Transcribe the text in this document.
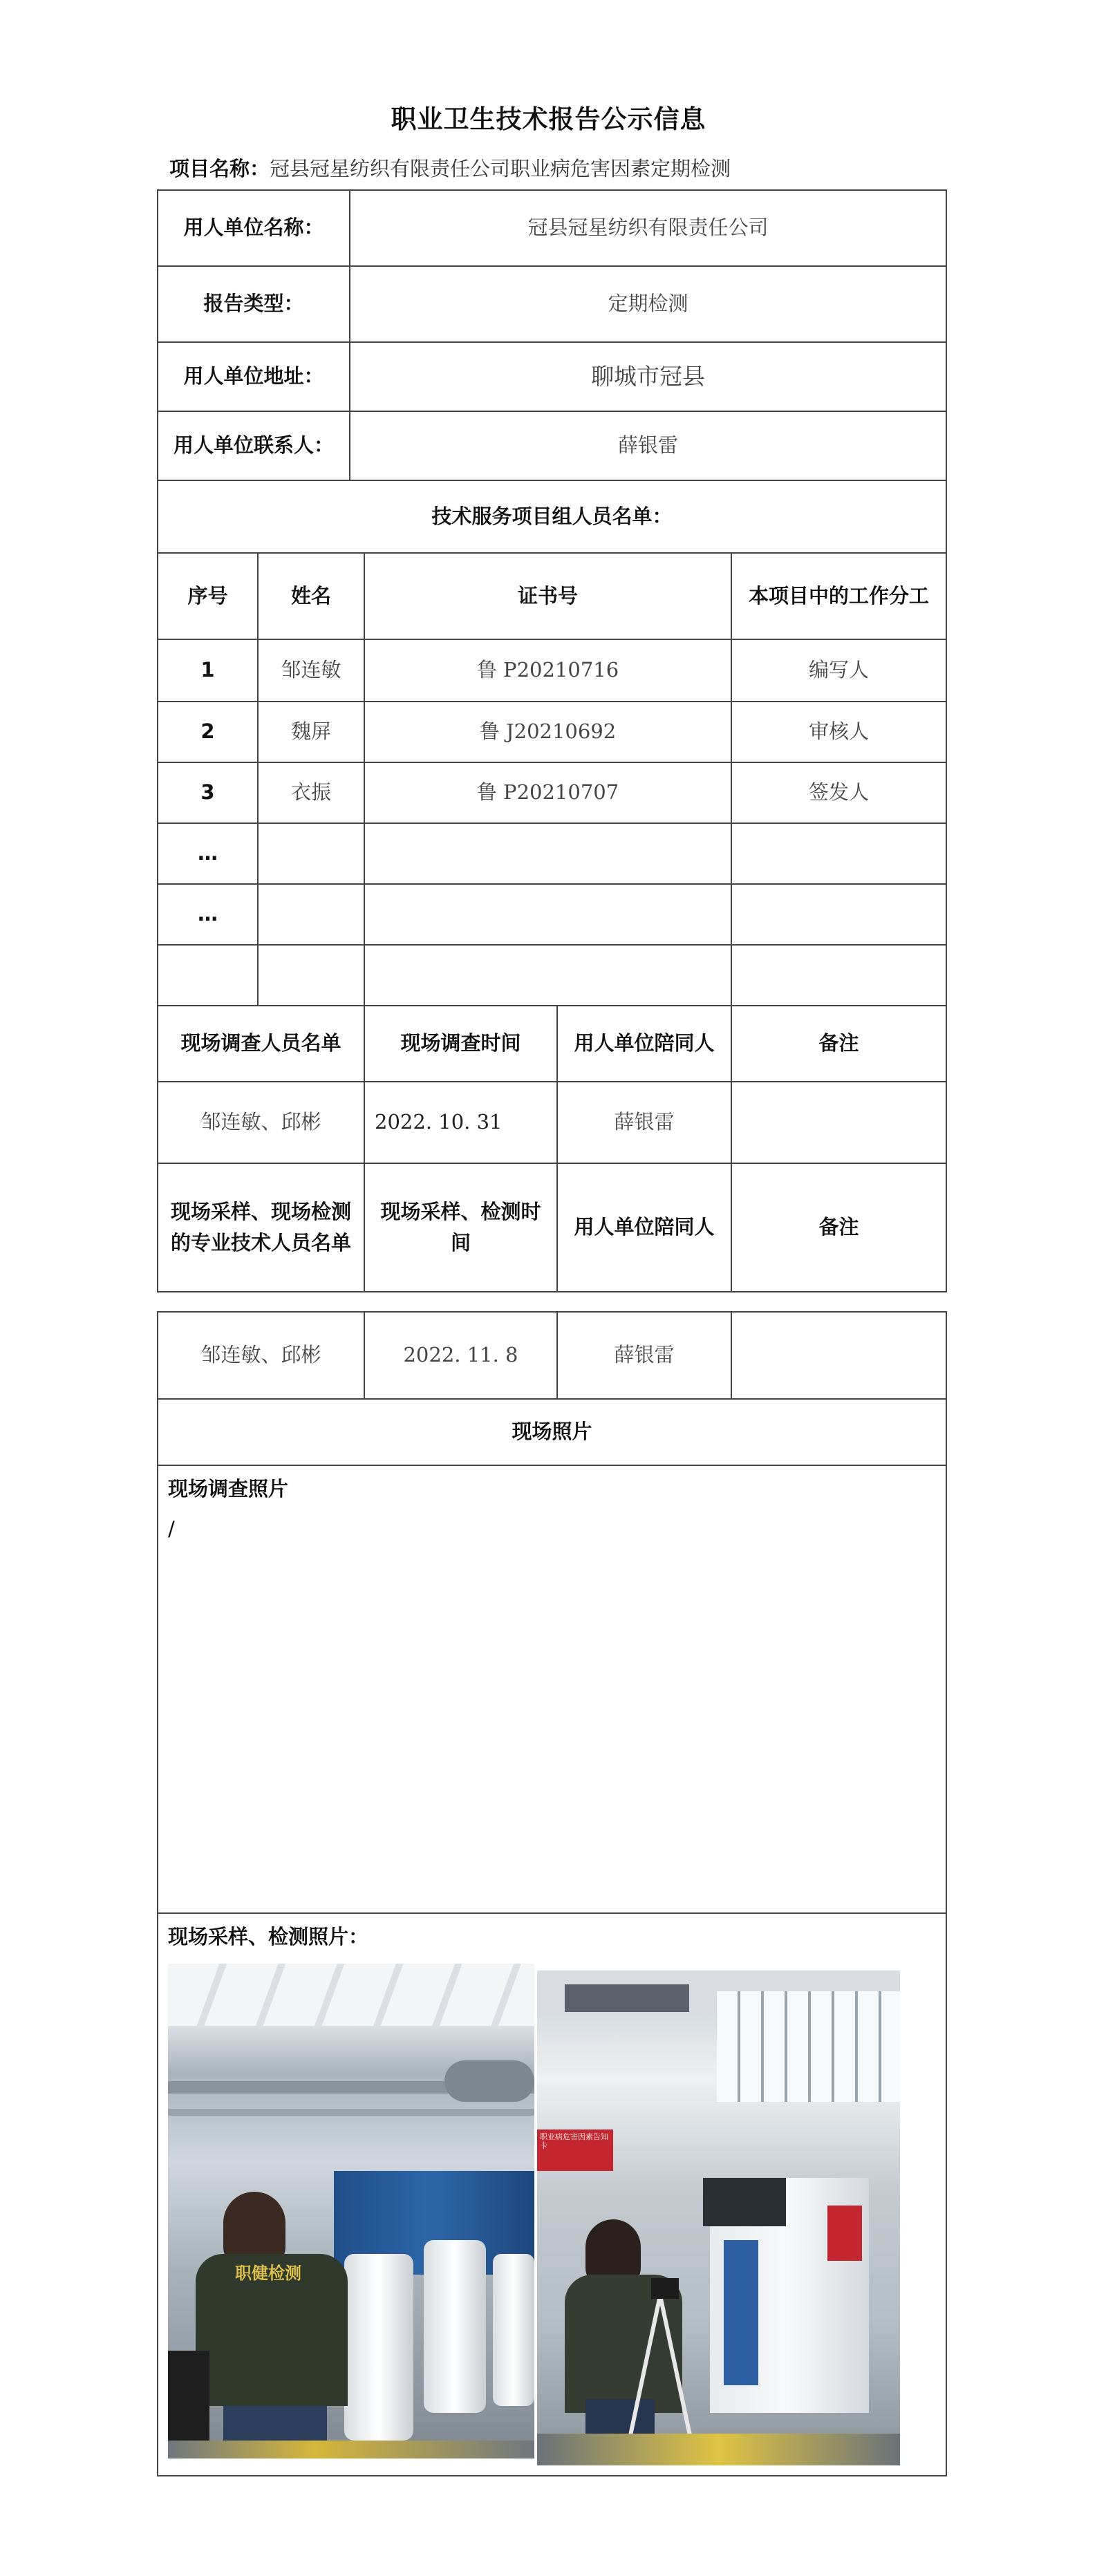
职业卫生技术报告公示信息
项目名称：冠县冠星纺织有限责任公司职业病危害因素定期检测
用人单位名称：		冠县冠星纺织有限责任公司			
报告类型：		定期检测			
用人单位地址：		聊城市冠县			
用人单位联系人：		薛银雷			
技术服务项目组人员名单：					
序号	姓名		证书号		本项目中的工作分工
1	邹连敏		鲁 P20210716		编写人
2	魏屏		鲁 J20210692		审核人
3	衣振		鲁 P20210707		签发人
…					
…					

现场调查人员名单			现场调查时间	用人单位陪同人	备注
邹连敏、邱彬			2022. 10. 31	薛银雷	
现场采样、现场检测的专业技术人员名单			现场采样、检测时间	用人单位陪同人	备注
邹连敏、邱彬	2022. 11. 8	薛银雷	
现场照片

现场调查照片
/

现场采样、检测照片：
职健检测
职业病危害因素告知卡
